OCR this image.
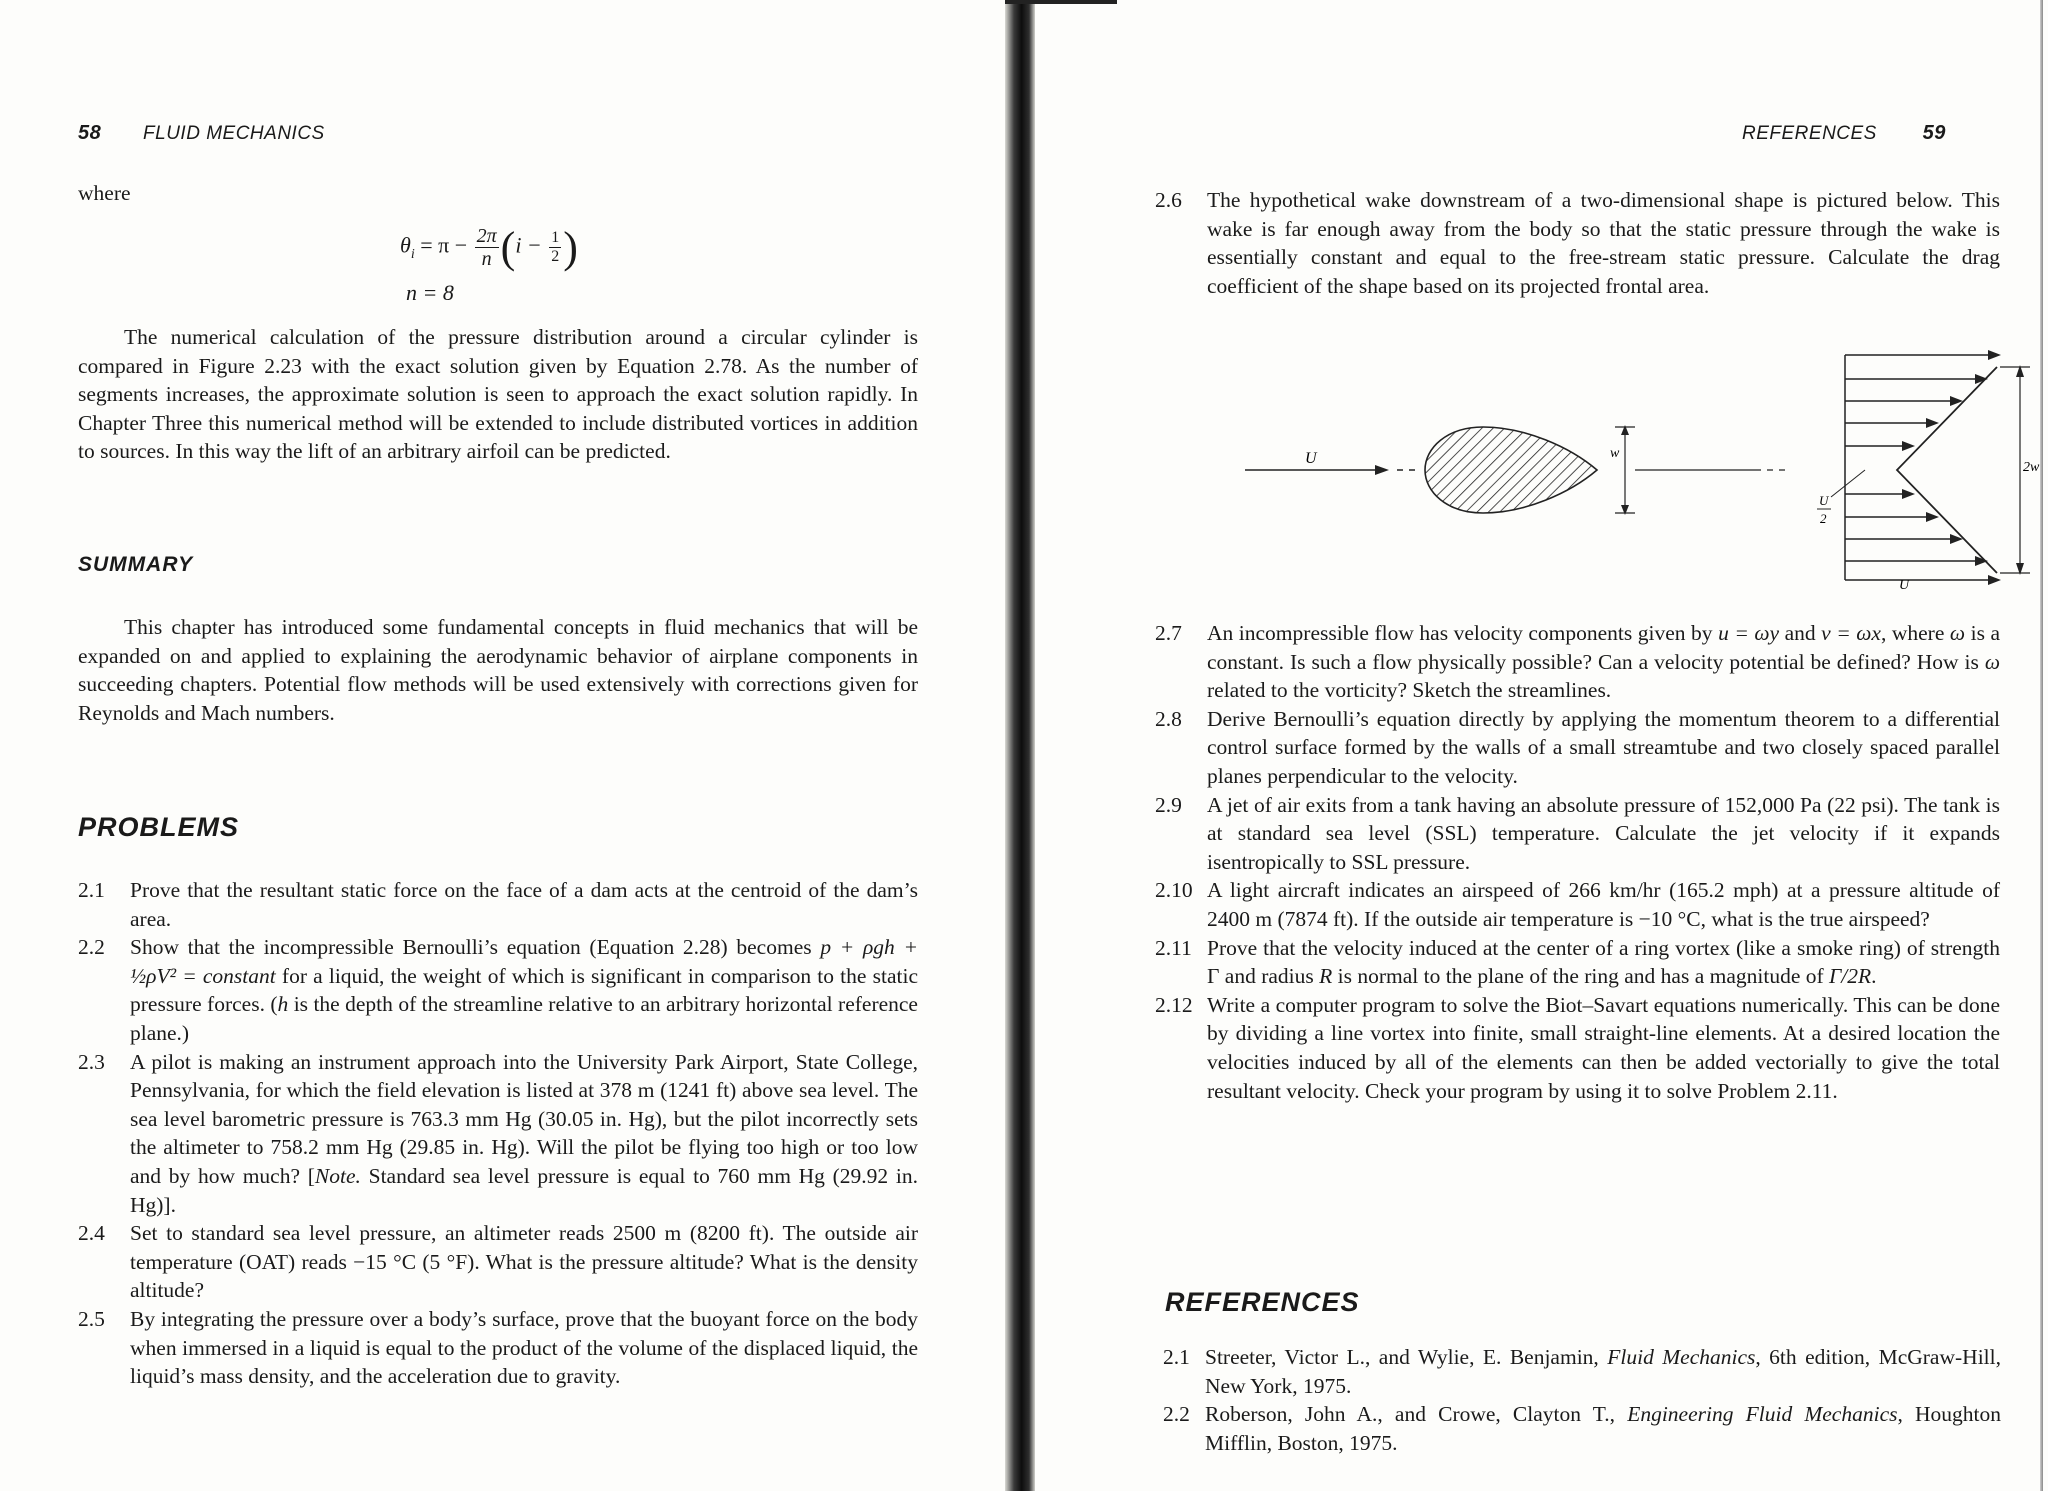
58 FLUID MECHANICS
where
$\theta_i = \pi - \frac{2\pi}{n} (i - \frac{1}{2}$ )
n = 8

The numerical calculation of the pressure distribution around a circular cylinder is compared in Figure 2.23 with the exact solution given by Equation 2.78. As the number of segments increases, the approximate solution is seen to approach the exact solution rapidly. In Chapter Three this numerical method will be extended to include distributed vortices in addition to sources. In this way the lift of an arbitrary airfoil can be predicted.

SUMMARY

This chapter has introduced some fundamental concepts in fluid mechanics that will be expanded on and applied to explaining the aerodynamic behavior of airplane components in succeeding chapters. Potential flow methods will be used extensively with corrections given for Reynolds and Mach numbers.

PROBLEMS
2.1	Prove that the resultant static force on the face of a dam acts at the centroid of the dam’s area.
2.2	Show that the incompressible Bernoulli’s equation (Equation 2.28) becomes p + ρgh + ½ρV² = constant for a liquid, the weight of which is significant in comparison to the static pressure forces. (h is the depth of the streamline relative to an arbitrary horizontal reference plane.)
2.3	A pilot is making an instrument approach into the University Park Airport, State College, Pennsylvania, for which the field elevation is listed at 378 m (1241 ft) above sea level. The sea level barometric pressure is 763.3 mm Hg (30.05 in. Hg), but the pilot incorrectly sets the altimeter to 758.2 mm Hg (29.85 in. Hg). Will the pilot be flying too high or too low and by how much? [Note. Standard sea level pressure is equal to 760 mm Hg (29.92 in. Hg)].
2.4	Set to standard sea level pressure, an altimeter reads 2500 m (8200 ft). The outside air temperature (OAT) reads −15 °C (5 °F). What is the pressure altitude? What is the density altitude?
2.5	By integrating the pressure over a body’s surface, prove that the buoyant force on the body when immersed in a liquid is equal to the product of the volume of the displaced liquid, the liquid’s mass density, and the acceleration due to gravity.
REFERENCES 59
2.6	The hypothetical wake downstream of a two-dimensional shape is pictured below. This wake is far enough away from the body so that the static pressure through the wake is essentially constant and equal to the free-stream static pressure. Calculate the drag coefficient of the shape based on its projected frontal area.
U	w
2w
U
2
U
2.7	An incompressible flow has velocity components given by u = ωy and v = ωx, where ω is a constant. Is such a flow physically possible? Can a velocity potential be defined? How is ω related to the vorticity? Sketch the streamlines.
2.8	Derive Bernoulli’s equation directly by applying the momentum theorem to a differential control surface formed by the walls of a small streamtube and two closely spaced parallel planes perpendicular to the velocity.
2.9	A jet of air exits from a tank having an absolute pressure of 152,000 Pa (22 psi). The tank is at standard sea level (SSL) temperature. Calculate the jet velocity if it expands isentropically to SSL pressure.
2.10 A light aircraft indicates an airspeed of 266 km/hr (165.2 mph) at a pressure altitude of 2400 m (7874 ft). If the outside air temperature is −10 °C, what is the true airspeed?
2.11 Prove that the velocity induced at the center of a ring vortex (like a smoke ring) of strength Γ and radius R is normal to the plane of the ring and has a magnitude of Γ/2R.
2.12 Write a computer program to solve the Biot–Savart equations numerically. This can be done by dividing a line vortex into finite, small straight-line elements. At a desired location the velocities induced by all of the elements can then be added vectorially to give the total resultant velocity. Check your program by using it to solve Problem 2.11.
REFERENCES
2.1 Streeter, Victor L., and Wylie, E. Benjamin, Fluid Mechanics, 6th edition, McGraw-Hill, New York, 1975.
2.2 Roberson, John A., and Crowe, Clayton T., Engineering Fluid Mechanics, Houghton Mifflin, Boston, 1975.
